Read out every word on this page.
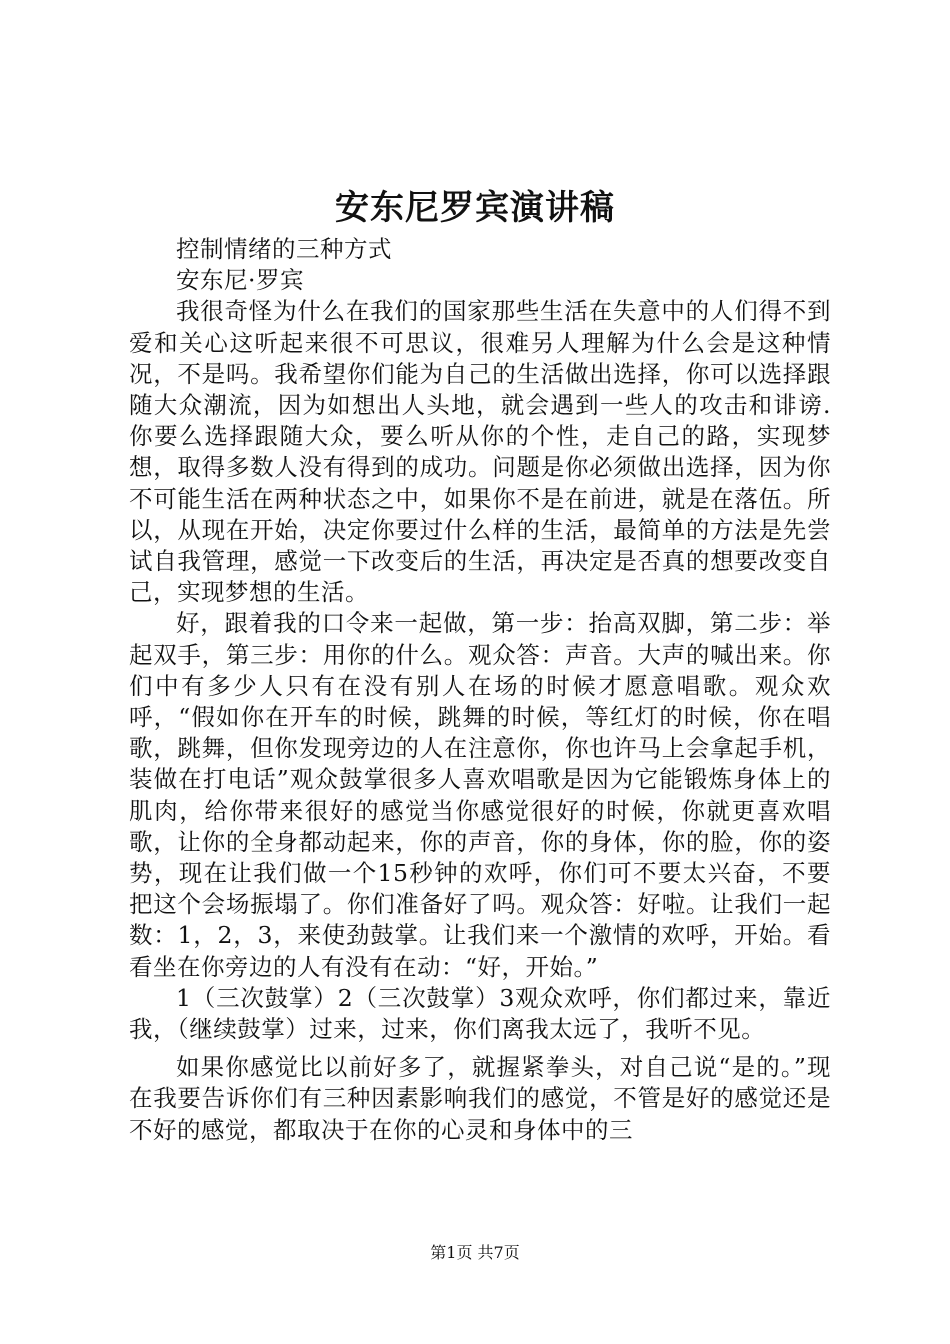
安东尼罗宾演讲稿

控制情绪的三种方式

安东尼·罗宾

我很奇怪为什么在我们的国家那些生活在失意中的人们得不到爱和关心这听起来很不可思议，很难另人理解为什么会是这种情况，不是吗。我希望你们能为自己的生活做出选择，你可以选择跟随大众潮流，因为如想出人头地，就会遇到一些人的攻击和诽谤.你要么选择跟随大众，要么听从你的个性，走自己的路，实现梦想，取得多数人没有得到的成功。问题是你必须做出选择，因为你不可能生活在两种状态之中，如果你不是在前进，就是在落伍。所以，从现在开始，决定你要过什么样的生活，最简单的方法是先尝试自我管理，感觉一下改变后的生活，再决定是否真的想要改变自己，实现梦想的生活。

好，跟着我的口令来一起做，第一步：抬高双脚，第二步：举起双手，第三步：用你的什么。观众答：声音。大声的喊出来。你们中有多少人只有在没有别人在场的时候才愿意唱歌。观众欢呼，“假如你在开车的时候，跳舞的时候，等红灯的时候，你在唱歌，跳舞，但你发现旁边的人在注意你，你也许马上会拿起手机，装做在打电话”观众鼓掌很多人喜欢唱歌是因为它能锻炼身体上的肌肉，给你带来很好的感觉当你感觉很好的时候，你就更喜欢唱歌，让你的全身都动起来，你的声音，你的身体，你的脸，你的姿势，现在让我们做一个15秒钟的欢呼，你们可不要太兴奋，不要把这个会场振塌了。你们准备好了吗。观众答：好啦。让我们一起数：1，2，3，来使劲鼓掌。让我们来一个激情的欢呼，开始。看看坐在你旁边的人有没有在动：“好，开始。”

1（三次鼓掌）2（三次鼓掌）3观众欢呼，你们都过来，靠近我，（继续鼓掌）过来，过来，你们离我太远了，我听不见。

如果你感觉比以前好多了，就握紧拳头，对自己说“是的。”现在我要告诉你们有三种因素影响我们的感觉，不管是好的感觉还是不好的感觉，都取决于在你的心灵和身体中的三

第1页 共7页
